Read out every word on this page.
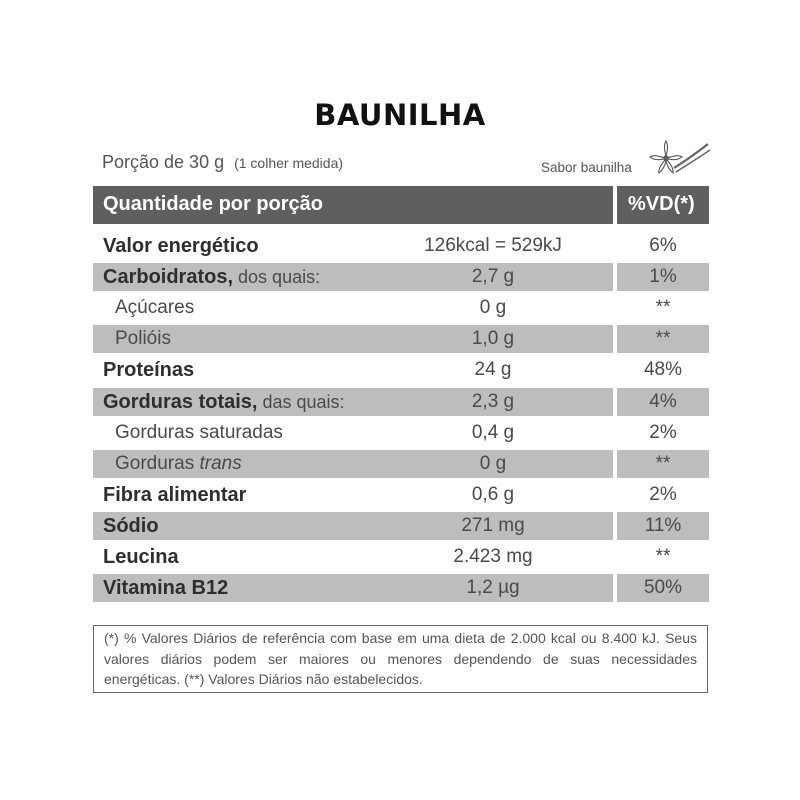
BAUNILHA
Porção de 30 g (1 colher medida)	Sabor baunilha
Quantidade por porção	%VD(*)
Valor energético	126kcal = 529kJ	6%
Carboidratos, dos quais:	2,7 g	1%
Açúcares	0 g	**
Polióis	1,0 g	**
Proteínas	24 g	48%
Gorduras totais, das quais:	2,3 g	4%
Gorduras saturadas	0,4 g	2%
Gorduras trans	0 g	**
Fibra alimentar	0,6 g	2%
Sódio	271 mg	11%
Leucina	2.423 mg	**
Vitamina B12	1,2 µg	50%
(*) % Valores Diários de referência com base em uma dieta de 2.000 kcal ou 8.400 kJ. Seus valores diários podem ser maiores ou menores dependendo de suas necessidades energéticas. (**) Valores Diários não estabelecidos.
